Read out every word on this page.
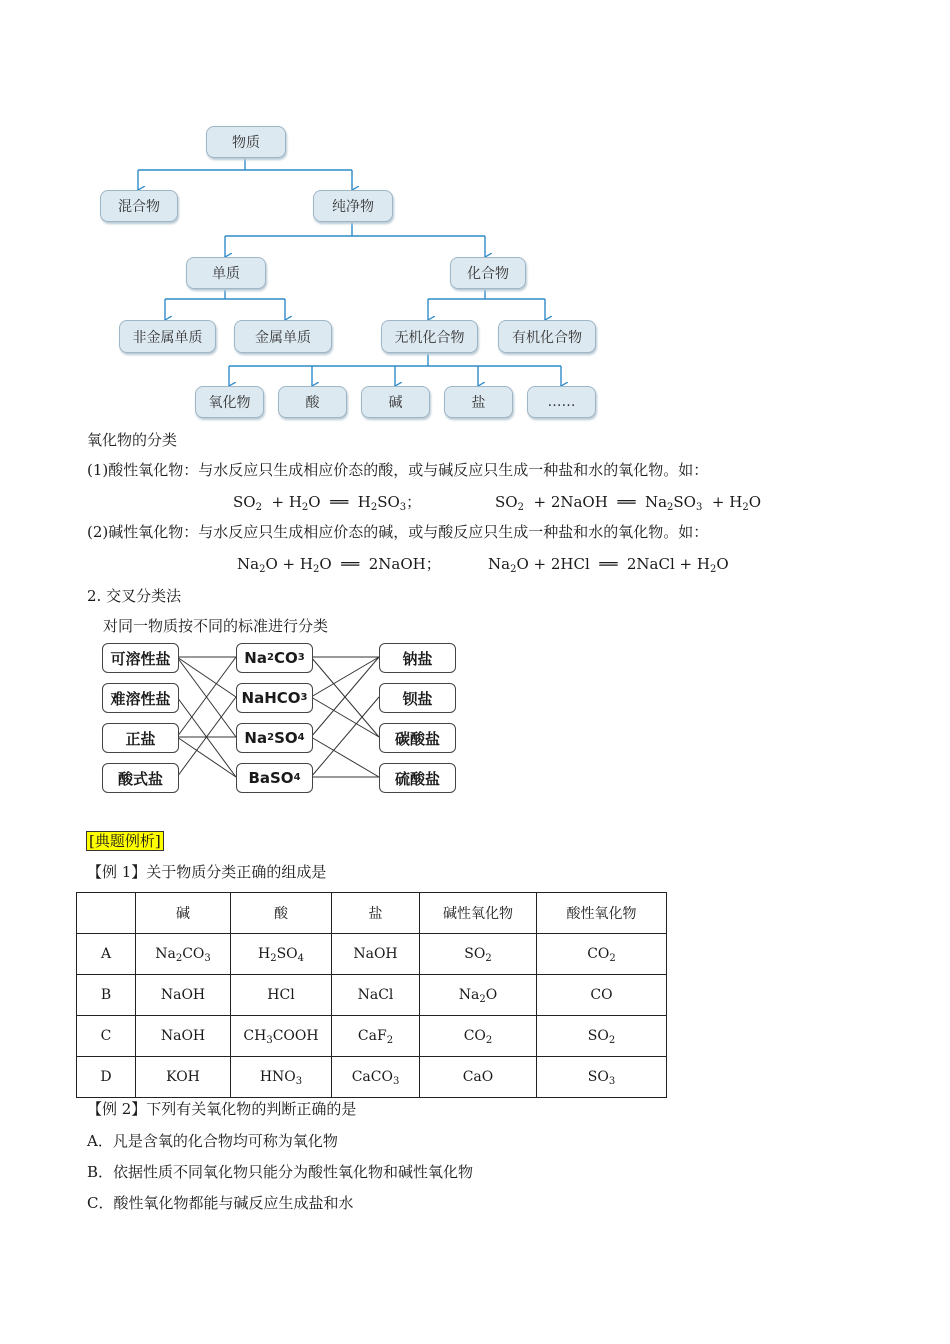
物质
混合物	纯净物
单质	化合物
非金属单质	金属单质	无机化合物	有机化合物
氧化物	酸	碱	盐	……
氧化物的分类
(1)酸性氧化物：与水反应只生成相应价态的酸，或与碱反应只生成一种盐和水的氧化物。如：
$SO_2 + H_2O$  ══  $H_2SO_3$；	$SO_2$  + 2NaOH  ══  $Na_2SO_3 + H_2O$
(2)碱性氧化物：与水反应只生成相应价态的碱，或与酸反应只生成一种盐和水的氧化物。如：
$Na_2O + H_2O$  ══  2NaOH；	$Na_2O + 2HCl$  ══  2NaCl + $H_2O$
2. 交叉分类法
对同一物质按不同的标准进行分类
可溶性盐
难溶性盐
正盐
酸式盐
Na 2 CO 3
NaHCO 3
Na 2 SO 4
BaSO 4
钠盐
钡盐
碳酸盐
硫酸盐
[典题例析]
【例 1】关于物质分类正确的组成是
	碱	酸	盐	碱性氧化物	酸性氧化物
A	$Na_2CO_3$	$H_2SO_4$	NaOH	$SO_2$	$CO_2$
B	NaOH	HCl	NaCl	$Na_2O$	CO
C	NaOH	$CH_3COOH$	CaF$_2$	$CO_2$	$SO_2$
D	KOH	$HNO_3$	CaCO$_3$	CaO	$SO_3$
【例 2】下列有关氧化物的判断正确的是
A．凡是含氧的化合物均可称为氧化物
B．依据性质不同氧化物只能分为酸性氧化物和碱性氧化物
C．酸性氧化物都能与碱反应生成盐和水
